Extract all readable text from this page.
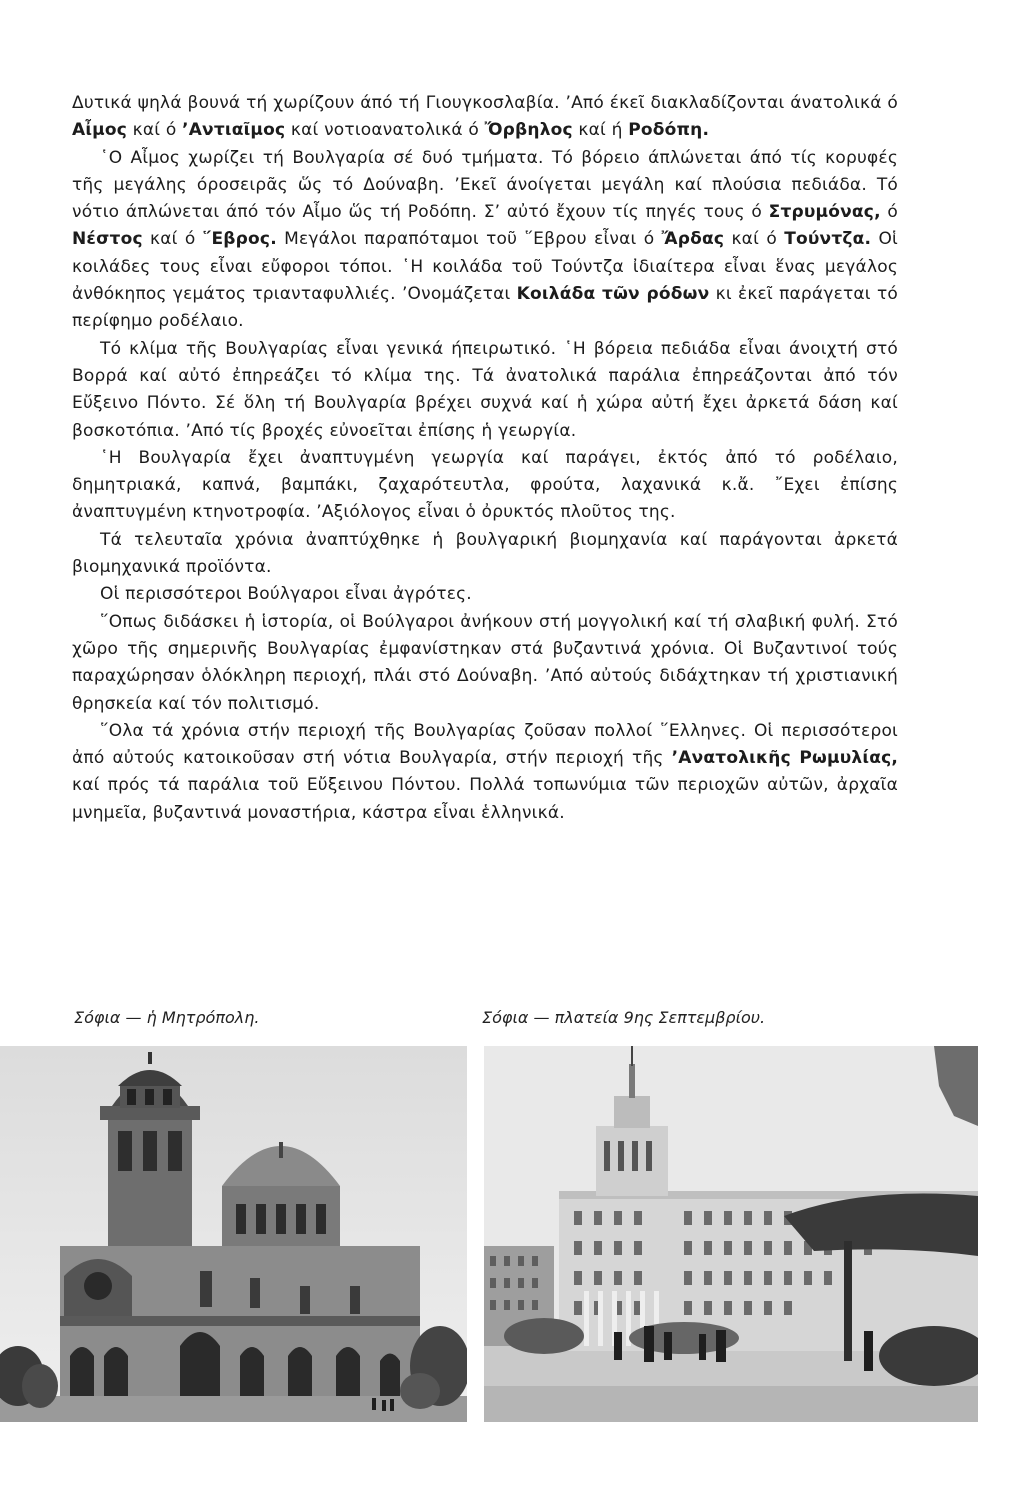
Δυτικά ψηλά βουνά τή χωρίζουν άπό τή Γιουγκοσλαβία. ’Από έκεῖ διακλαδίζονται άνατολικά ό Αἶμος καί ό ’Αντιαῖμος καί νοτιοανατολικά ό Ὄρβηλος καί ή Ροδόπη.

῾Ο Αἶμος χωρίζει τή Βουλγαρία σέ δυό τμήματα. Τό βόρειο άπλώνεται άπό τίς κορυφές τῆς μεγάλης όροσειρᾶς ὥς τό Δούναβη. ’Εκεῖ άνοίγεται μεγάλη καί πλούσια πεδιάδα. Τό νότιο άπλώνεται άπό τόν Αἶμο ὥς τή Ροδόπη. Σ’ αὐτό ἔχουν τίς πηγές τους ό Στρυμόνας, ό Νέστος καί ό ῞Εβρος. Μεγάλοι παραπόταμοι τοῦ ῞Εβρου εἶναι ό Ἄρδας καί ό Τούντζα. Οἱ κοιλάδες τους εἶναι εὔφοροι τόποι. ῾Η κοιλάδα τοῦ Τούντζα ἰδιαίτερα εἶναι ἕνας μεγάλος ἀνθόκηπος γεμάτος τριανταφυλλιές. ’Ονομάζεται Κοιλάδα τῶν ρόδων κι ἐκεῖ παράγεται τό περίφημο ροδέλαιο.

Τό κλίμα τῆς Βουλγαρίας εἶναι γενικά ήπειρωτικό. ῾Η βόρεια πεδιάδα εἶναι άνοιχτή στό Βορρά καί αὐτό ἐπηρεάζει τό κλίμα της. Τά ἀνατολικά παράλια ἐπηρεάζονται ἀπό τόν Εὔξεινο Πόντο. Σέ ὅλη τή Βουλγαρία βρέχει συχνά καί ἡ χώρα αὐτή ἔχει ἀρκετά δάση καί βοσκοτόπια. ’Από τίς βροχές εὐνοεῖται ἐπίσης ἡ γεωργία.

῾Η Βουλγαρία ἔχει ἀναπτυγμένη γεωργία καί παράγει, ἐκτός ἀπό τό ροδέλαιο, δημητριακά, καπνά, βαμπάκι, ζαχαρότευτλα, φρούτα, λαχανικά κ.ἄ. ῎Εχει ἐπίσης ἀναπτυγμένη κτηνοτροφία. ’Αξιόλογος εἶναι ὁ ὀρυκτός πλοῦτος της.

Τά τελευταῖα χρόνια ἀναπτύχθηκε ἡ βουλγαρική βιομηχανία καί παράγονται ἀρκετά βιομηχανικά προϊόντα.

Οἱ περισσότεροι Βούλγαροι εἶναι ἀγρότες.

῞Οπως διδάσκει ἡ ἱστορία, οἱ Βούλγαροι ἀνήκουν στή μογγολική καί τή σλαβική φυλή. Στό χῶρο τῆς σημερινῆς Βουλγαρίας ἐμφανίστηκαν στά βυζαντινά χρόνια. Οἱ Βυζαντινοί τούς παραχώρησαν ὁλόκληρη περιοχή, πλάι στό Δούναβη. ’Από αὐτούς διδάχτηκαν τή χριστιανική θρησκεία καί τόν πολιτισμό.

῞Ολα τά χρόνια στήν περιοχή τῆς Βουλγαρίας ζοῦσαν πολλοί ῞Ελληνες. Οἱ περισσότεροι ἀπό αὐτούς κατοικοῦσαν στή νότια Βουλγαρία, στήν περιοχή τῆς ’Ανατολικῆς Ρωμυλίας, καί πρός τά παράλια τοῦ Εὔξεινου Πόντου. Πολλά τοπωνύμια τῶν περιοχῶν αὐτῶν, ἀρχαῖα μνημεῖα, βυζαντινά μοναστήρια, κάστρα εἶναι ἑλληνικά.

Σόφια — ἡ Μητρόπολη.	Σόφια — πλατεία 9ης Σεπτεμβρίου.
